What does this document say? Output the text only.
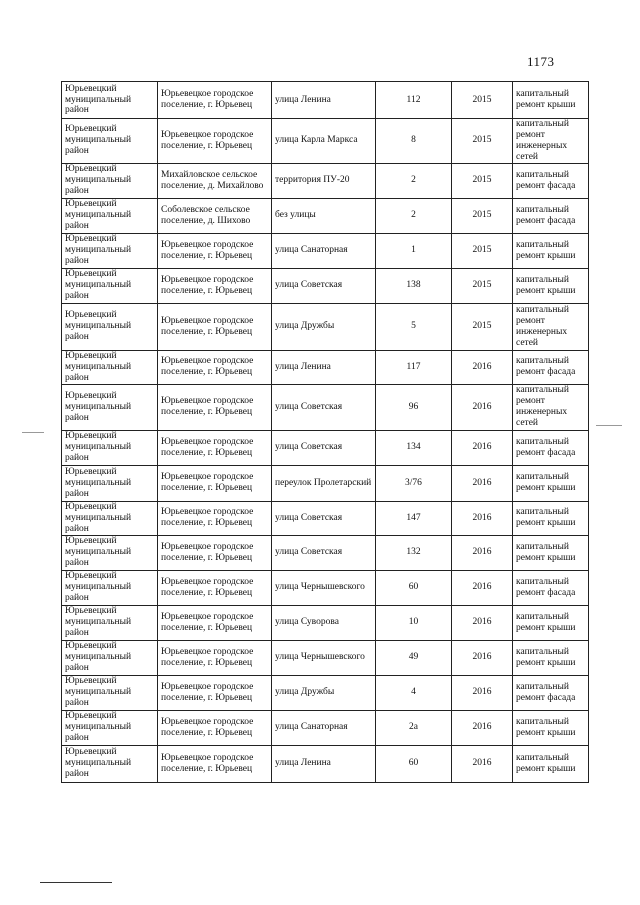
1173
Юрьевецкий муниципальный район	Юрьевецкое городское поселение, г. Юрьевец	улица Ленина	112	2015	капитальный ремонт крыши
Юрьевецкий муниципальный район	Юрьевецкое городское поселение, г. Юрьевец	улица Карла Маркса	8	2015	капитальный ремонт инженерных сетей
Юрьевецкий муниципальный район	Михайловское сельское поселение, д. Михайлово	территория ПУ-20	2	2015	капитальный ремонт фасада
Юрьевецкий муниципальный район	Соболевское сельское поселение, д. Шихово	без улицы	2	2015	капитальный ремонт фасада
Юрьевецкий муниципальный район	Юрьевецкое городское поселение, г. Юрьевец	улица Санаторная	1	2015	капитальный ремонт крыши
Юрьевецкий муниципальный район	Юрьевецкое городское поселение, г. Юрьевец	улица Советская	138	2015	капитальный ремонт крыши
Юрьевецкий муниципальный район	Юрьевецкое городское поселение, г. Юрьевец	улица Дружбы	5	2015	капитальный ремонт инженерных сетей
Юрьевецкий муниципальный район	Юрьевецкое городское поселение, г. Юрьевец	улица Ленина	117	2016	капитальный ремонт фасада
Юрьевецкий муниципальный район	Юрьевецкое городское поселение, г. Юрьевец	улица Советская	96	2016	капитальный ремонт инженерных сетей
Юрьевецкий муниципальный район	Юрьевецкое городское поселение, г. Юрьевец	улица Советская	134	2016	капитальный ремонт фасада
Юрьевецкий муниципальный район	Юрьевецкое городское поселение, г. Юрьевец	переулок Пролетарский	3/76	2016	капитальный ремонт крыши
Юрьевецкий муниципальный район	Юрьевецкое городское поселение, г. Юрьевец	улица Советская	147	2016	капитальный ремонт крыши
Юрьевецкий муниципальный район	Юрьевецкое городское поселение, г. Юрьевец	улица Советская	132	2016	капитальный ремонт крыши
Юрьевецкий муниципальный район	Юрьевецкое городское поселение, г. Юрьевец	улица Чернышевского	60	2016	капитальный ремонт фасада
Юрьевецкий муниципальный район	Юрьевецкое городское поселение, г. Юрьевец	улица Суворова	10	2016	капитальный ремонт крыши
Юрьевецкий муниципальный район	Юрьевецкое городское поселение, г. Юрьевец	улица Чернышевского	49	2016	капитальный ремонт крыши
Юрьевецкий муниципальный район	Юрьевецкое городское поселение, г. Юрьевец	улица Дружбы	4	2016	капитальный ремонт фасада
Юрьевецкий муниципальный район	Юрьевецкое городское поселение, г. Юрьевец	улица Санаторная	2а	2016	капитальный ремонт крыши
Юрьевецкий муниципальный район	Юрьевецкое городское поселение, г. Юрьевец	улица Ленина	60	2016	капитальный ремонт крыши
